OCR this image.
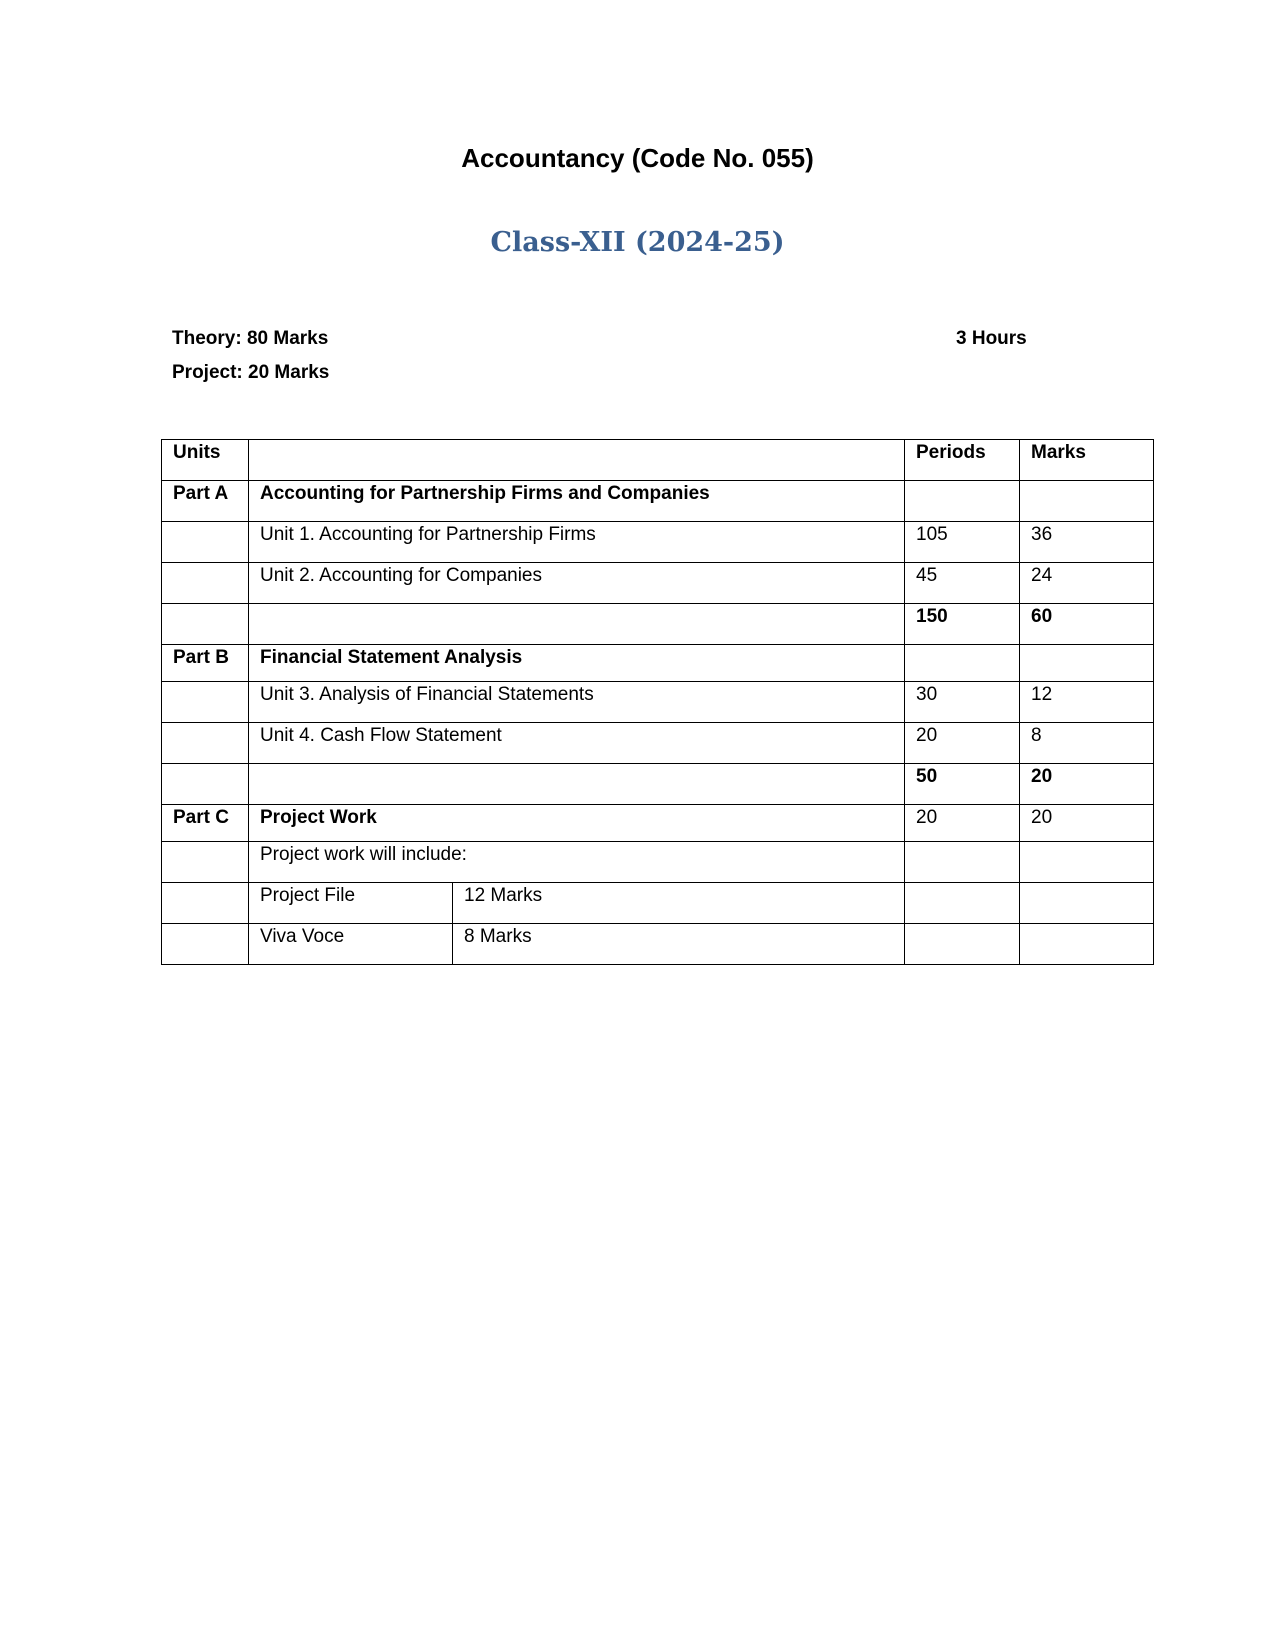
Accountancy (Code No. 055)
Class-XII (2024-25)
Theory: 80 Marks
Project: 20 Marks
3 Hours
Units			Periods	Marks
Part A	Accounting for Partnership Firms and Companies			
	Unit 1. Accounting for Partnership Firms		105	36
	Unit 2. Accounting for Companies		45	24
			150	60
Part B	Financial Statement Analysis			
	Unit 3. Analysis of Financial Statements		30	12
	Unit 4. Cash Flow Statement		20	8
			50	20
Part C	Project Work		20	20
	Project work will include:			
	Project File	12 Marks		
	Viva Voce	8 Marks		
